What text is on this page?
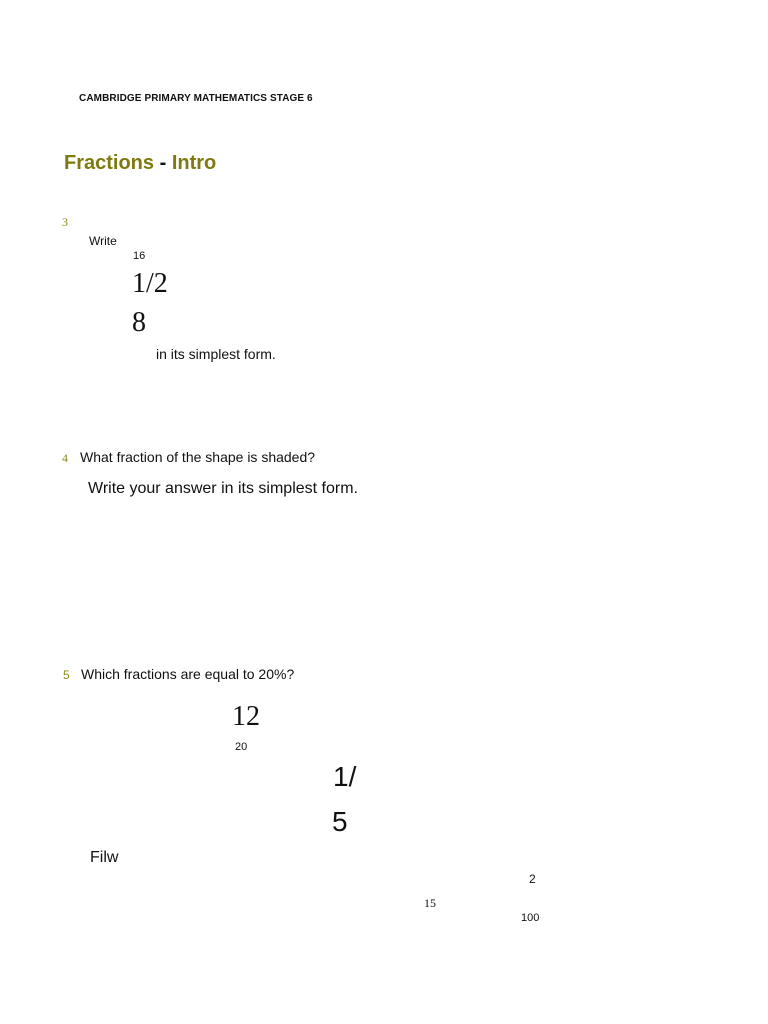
CAMBRIDGE PRIMARY MATHEMATICS STAGE 6
Fractions - Intro
3
Write
16
1/2
8
in its simplest form.
4 What fraction of the shape is shaded?
Write your answer in its simplest form.
5 Which fractions are equal to 20%?
12
20
1/
5
Filw
2
15
100
